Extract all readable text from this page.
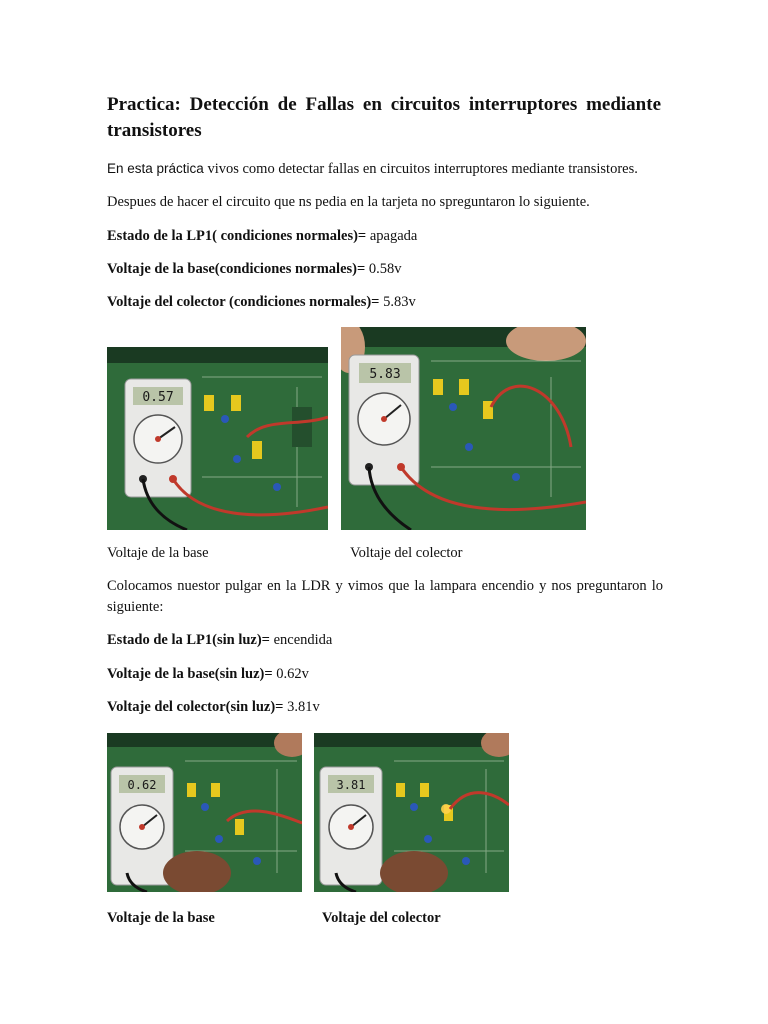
Practica: Detección de Fallas en circuitos interruptores mediante transistores
En esta práctica vivos como detectar fallas en circuitos interruptores mediante transistores.
Despues de hacer el circuito que ns pedia en la tarjeta no spreguntaron lo siguiente.
Estado de la LP1( condiciones normales)= apagada
Voltaje de la base(condiciones normales)= 0.58v
Voltaje del colector (condiciones normales)= 5.83v
0.57
5.83
Voltaje de la base	Voltaje del colector
Colocamos nuestor pulgar en la LDR y vimos que la lampara encendio y nos preguntaron lo siguiente:
Estado de la LP1(sin luz)= encendida
Voltaje de la base(sin luz)= 0.62v
Voltaje del colector(sin luz)= 3.81v
0.62	3.81
Voltaje de la base	Voltaje del colector
